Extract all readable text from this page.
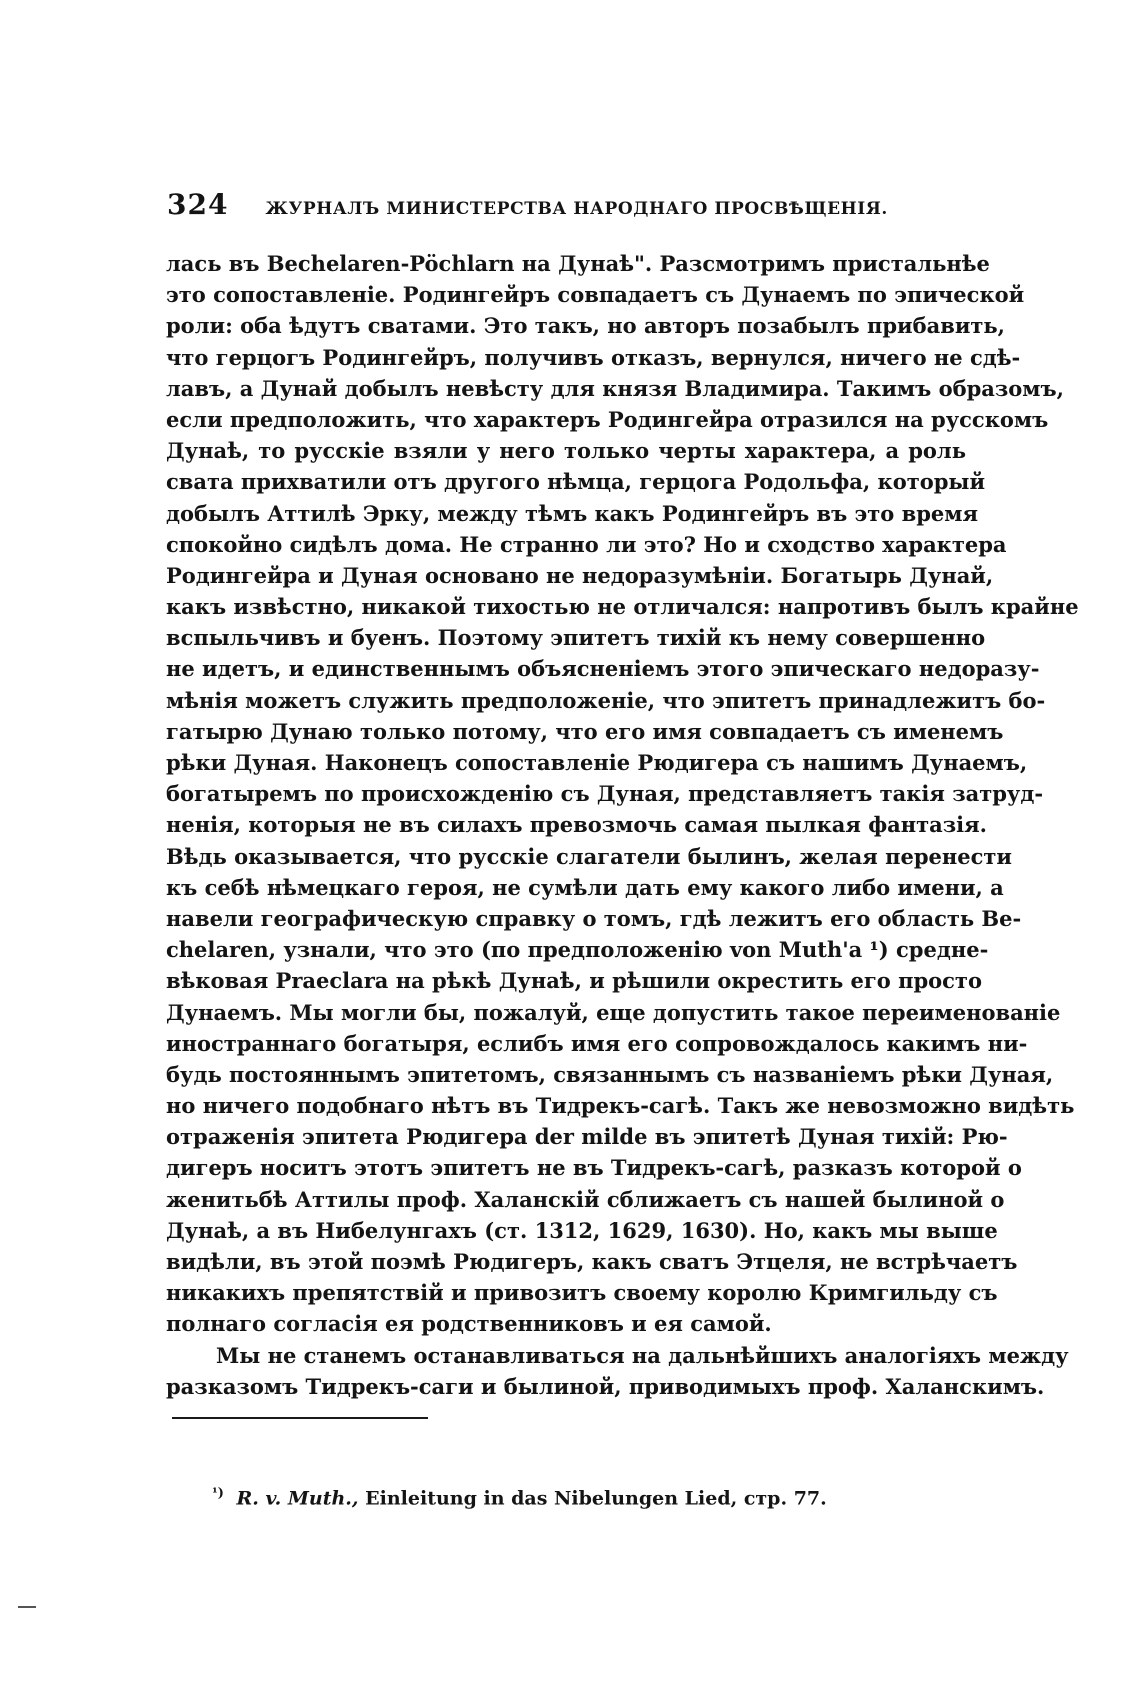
324 ЖУРНАЛЪ МИНИСТЕРСТВА НАРОДНАГО ПРОСВѢЩЕНІЯ.
лась въ Bechelaren-Pöchlarn на Дунаѣ". Разсмотримъ пристальнѣе
это сопоставленіе. Родингейръ совпадаетъ съ Дунаемъ по эпической
роли: оба ѣдутъ сватами. Это такъ, но авторъ позабылъ прибавить,
что герцогъ Родингейръ, получивъ отказъ, вернулся, ничего не сдѣ-
лавъ, а Дунай добылъ невѣсту для князя Владимира. Такимъ образомъ,
если предположить, что характеръ Родингейра отразился на русскомъ
Дунаѣ, то русскіе взяли у него только черты характера, а роль
свата прихватили отъ другого нѣмца, герцога Родольфа, который
добылъ Аттилѣ Эрку, между тѣмъ какъ Родингейръ въ это время
спокойно сидѣлъ дома. Не странно ли это? Но и сходство характера
Родингейра и Дуная основано не недоразумѣніи. Богатырь Дунай,
какъ извѣстно, никакой тихостью не отличался: напротивъ былъ крайне
вспыльчивъ и буенъ. Поэтому эпитетъ тихій къ нему совершенно
не идетъ, и единственнымъ объясненіемъ этого эпическаго недоразу-
мѣнія можетъ служить предположеніе, что эпитетъ принадлежитъ бо-
гатырю Дунаю только потому, что его имя совпадаетъ съ именемъ
рѣки Дуная. Наконецъ сопоставленіе Рюдигера съ нашимъ Дунаемъ,
богатыремъ по происхожденію съ Дуная, представляетъ такія затруд-
ненія, которыя не въ силахъ превозмочь самая пылкая фантазія.
Вѣдь оказывается, что русскіе слагатели былинъ, желая перенести
къ себѣ нѣмецкаго героя, не сумѣли дать ему какого либо имени, а
навели географическую справку о томъ, гдѣ лежитъ его область Be-
chelaren, узнали, что это (по предположенію von Muth'a ¹) средне-
вѣковая Praeclara на рѣкѣ Дунаѣ, и рѣшили окрестить его просто
Дунаемъ. Мы могли бы, пожалуй, еще допустить такое переименованіе
иностраннаго богатыря, еслибъ имя его сопровождалось какимъ ни-
будь постояннымъ эпитетомъ, связаннымъ съ названіемъ рѣки Дуная,
но ничего подобнаго нѣтъ въ Тидрекъ-сагѣ. Такъ же невозможно видѣть
отраженія эпитета Рюдигера der milde въ эпитетѣ Дуная тихій: Рю-
дигеръ носитъ этотъ эпитетъ не въ Тидрекъ-сагѣ, разказъ которой о
женитьбѣ Аттилы проф. Халанскій сближаетъ съ нашей былиной о
Дунаѣ, а въ Нибелунгахъ (ст. 1312, 1629, 1630). Но, какъ мы выше
видѣли, въ этой поэмѣ Рюдигеръ, какъ сватъ Этцеля, не встрѣчаетъ
никакихъ препятствій и привозитъ своему королю Кримгильду съ
полнаго согласія ея родственниковъ и ея самой.
Мы не станемъ останавливаться на дальнѣйшихъ аналогіяхъ между
разказомъ Тидрекъ-саги и былиной, приводимыхъ проф. Халанскимъ.
$^{^1)}$ R. v. Muth., Einleitung in das Nibelungen Lied, стр. 77.
